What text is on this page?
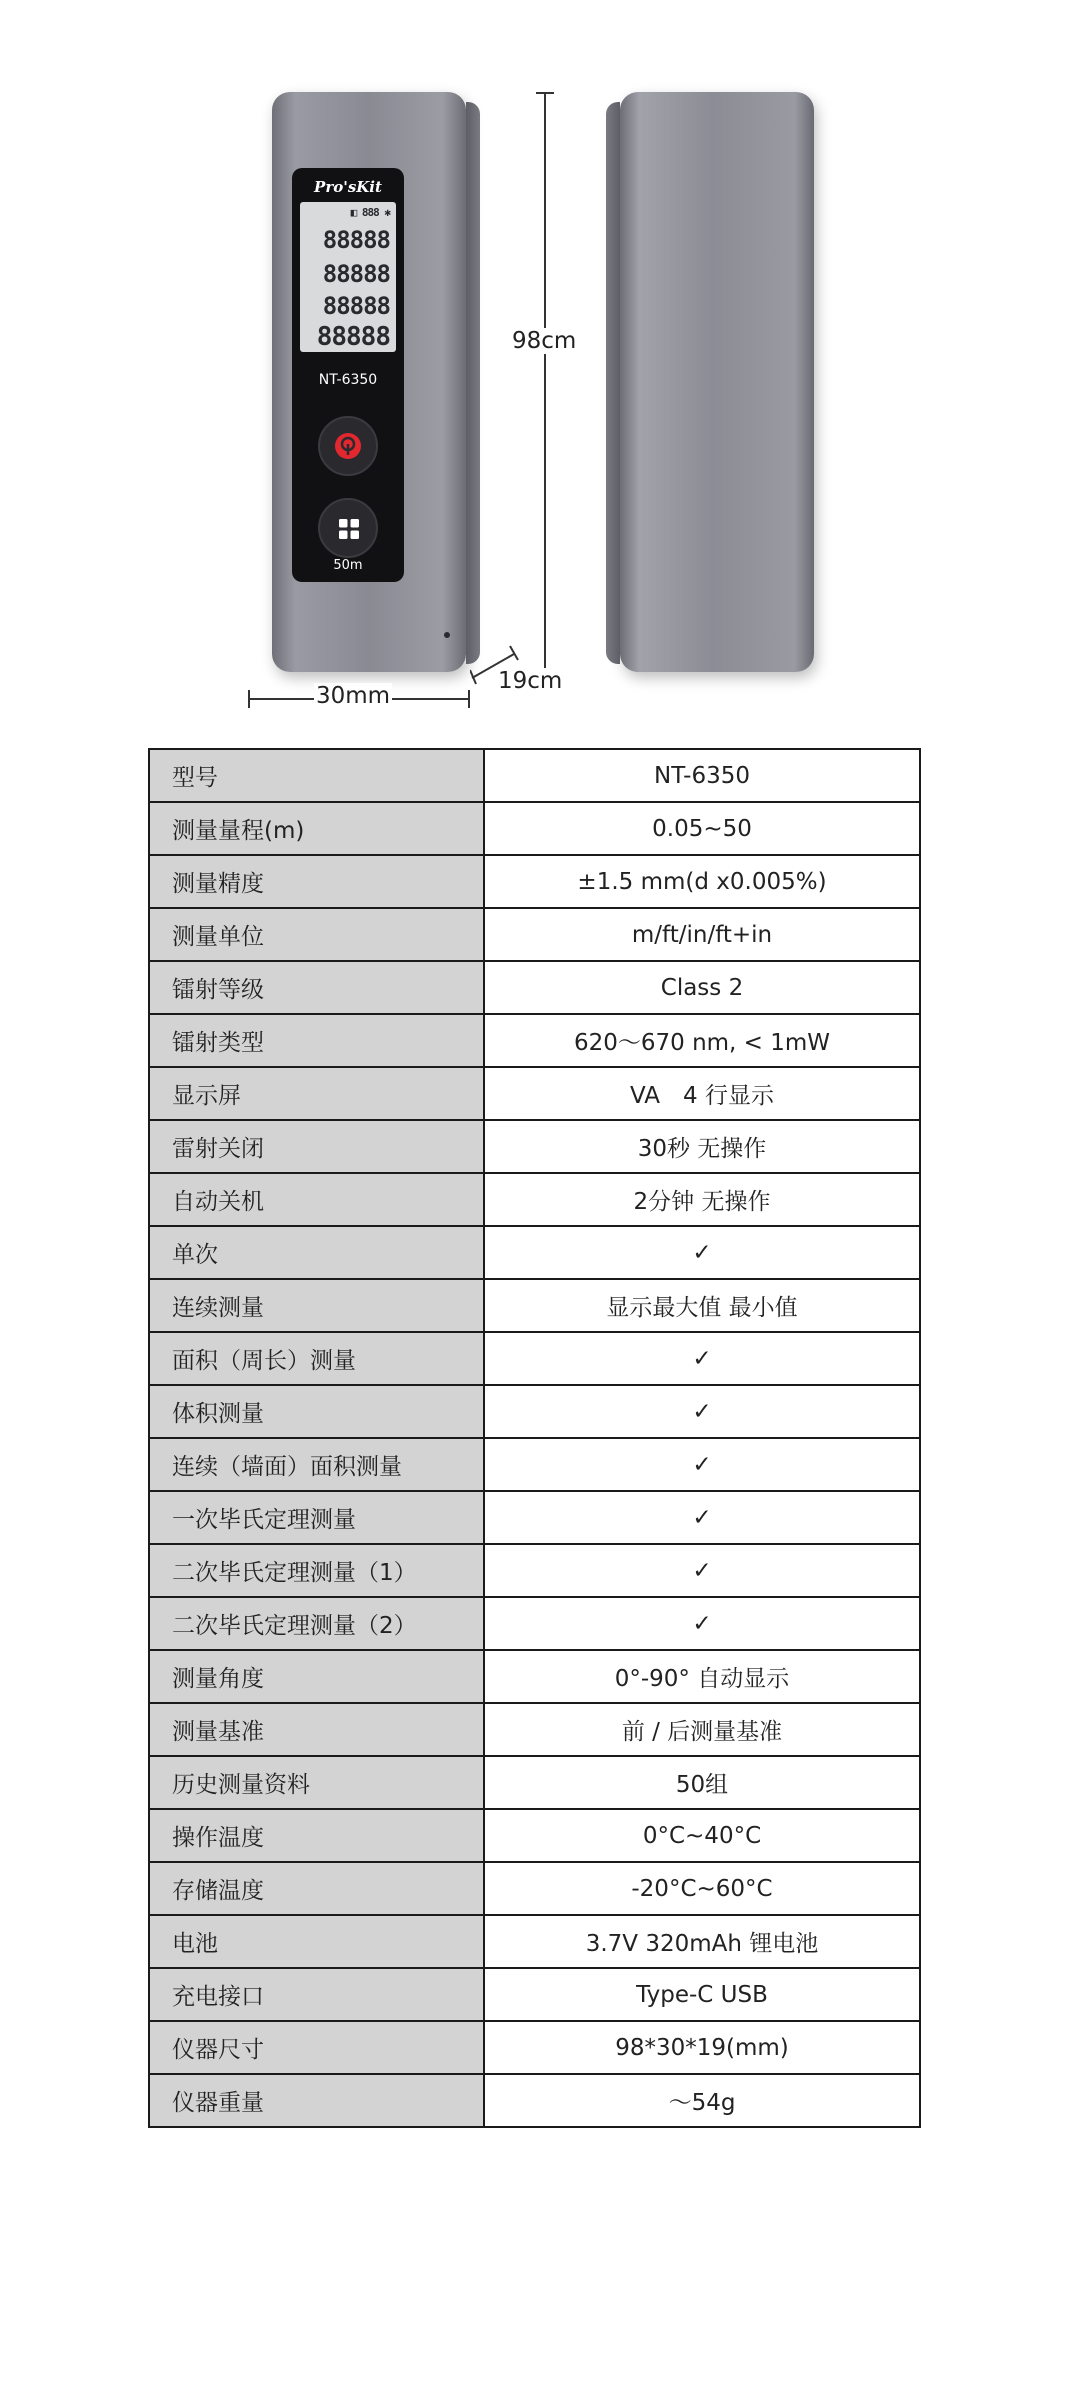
Pro'sKit
◧ 888 ✱
88888
88888
88888
88888
NT-6350
50m
98cm
30mm
19cm
型号	NT-6350
测量量程(m)	0.05~50
测量精度	±1.5 mm(d x0.005%)
测量单位	m/ft/in/ft+in
镭射等级	Class 2
镭射类型	620～670 nm, < 1mW
显示屏	VA　4 行显示
雷射关闭	30秒 无操作
自动关机	2分钟 无操作
单次	✓
连续测量	显示最大值 最小值
面积（周长）测量	✓
体积测量	✓
连续（墙面）面积测量	✓
一次毕氏定理测量	✓
二次毕氏定理测量（1）	✓
二次毕氏定理测量（2）	✓
测量角度	0°-90° 自动显示
测量基准	前 / 后测量基准
历史测量资料	50组
操作温度	0°C~40°C
存储温度	-20°C~60°C
电池	3.7V 320mAh 锂电池
充电接口	Type-C USB
仪器尺寸	98*30*19(mm)
仪器重量	～54g
